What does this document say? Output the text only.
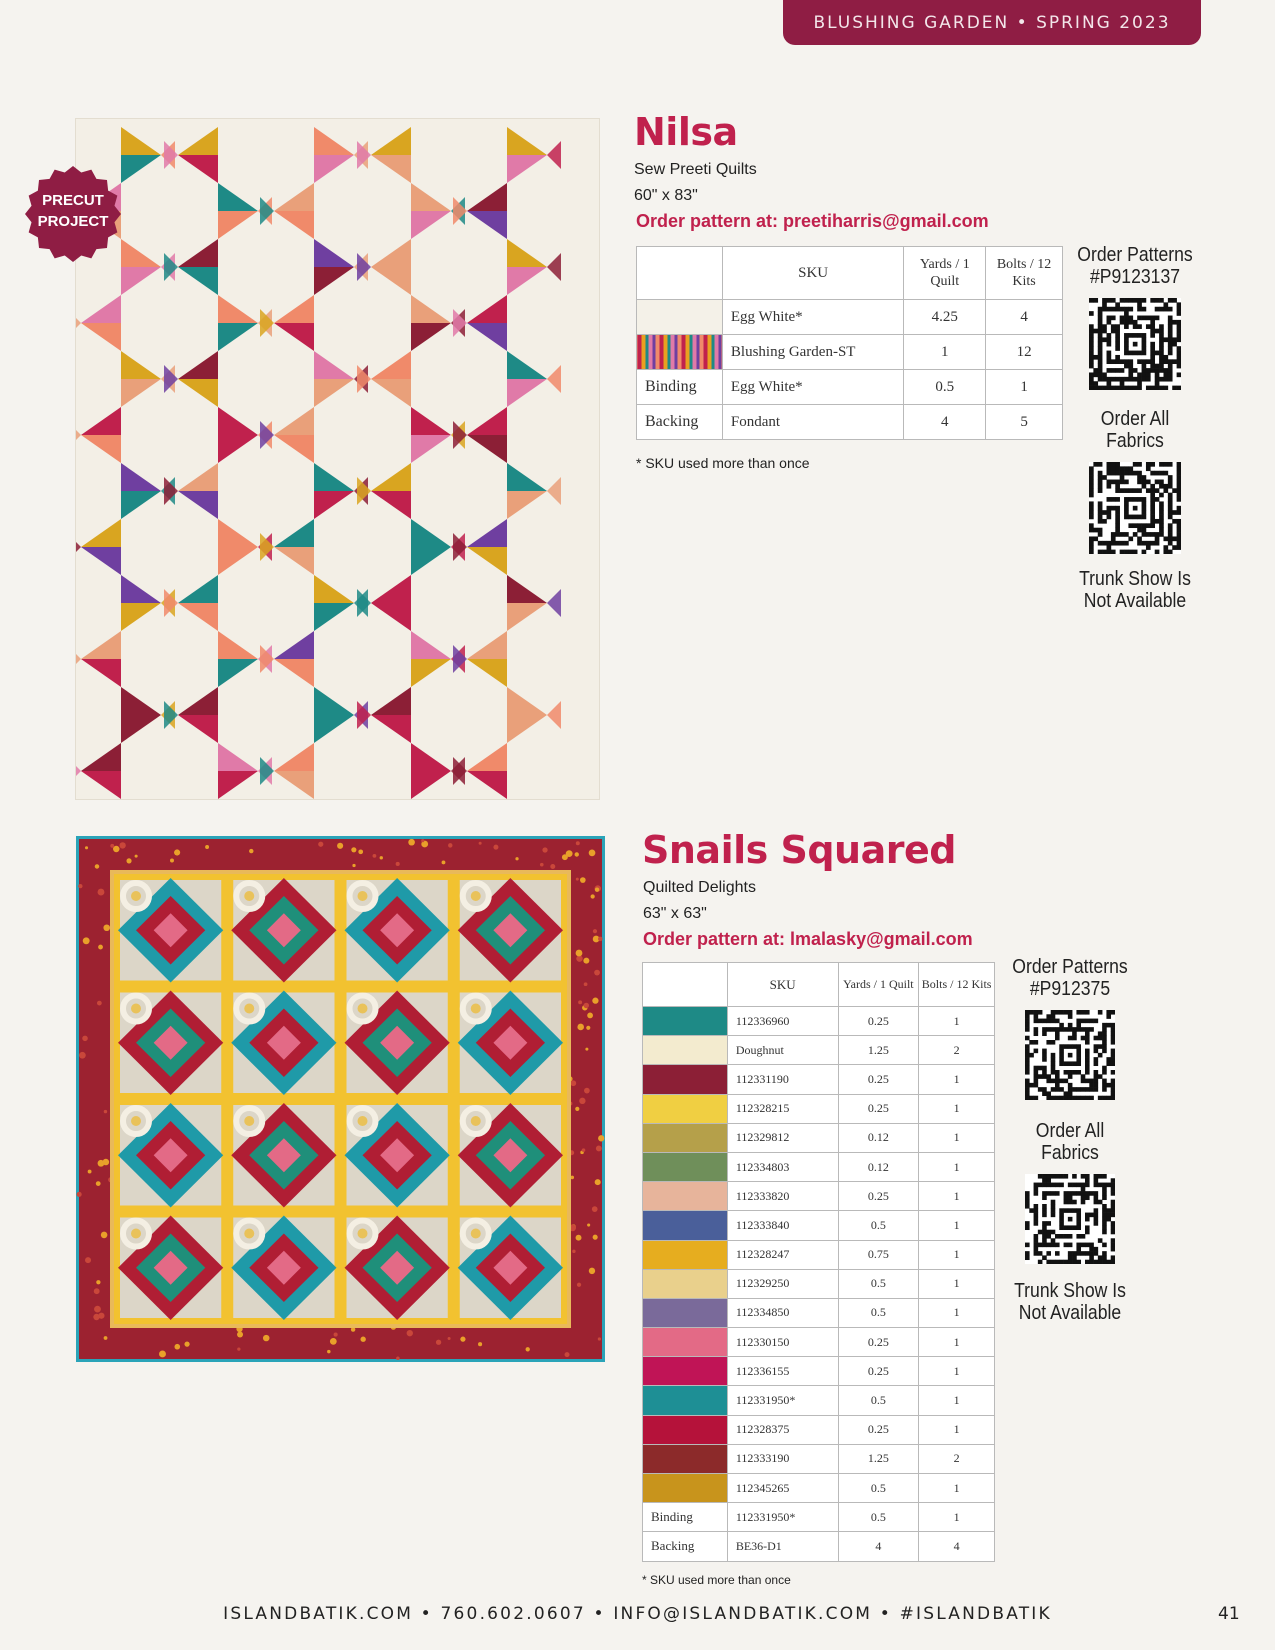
BLUSHING GARDEN • SPRING 2023
PRECUT
PROJECT
Nilsa
Sew Preeti Quilts
60" x 83"
Order pattern at: preetiharris@gmail.com
	SKU	Yards / 1 Quilt	Bolts / 12 Kits
	Egg White*	4.25	4
	Blushing Garden-ST	1	12
Binding	Egg White*	0.5	1
Backing	Fondant	4	5
* SKU used more than once
Order Patterns
#P9123137
Order All
Fabrics
Trunk Show Is
Not Available
Snails Squared
Quilted Delights
63" x 63"
Order pattern at: lmalasky@gmail.com
	SKU	Yards / 1 Quilt	Bolts / 12 Kits
	112336960	0.25	1
	Doughnut	1.25	2
	112331190	0.25	1
	112328215	0.25	1
	112329812	0.12	1
	112334803	0.12	1
	112333820	0.25	1
	112333840	0.5	1
	112328247	0.75	1
	112329250	0.5	1
	112334850	0.5	1
	112330150	0.25	1
	112336155	0.25	1
	112331950*	0.5	1
	112328375	0.25	1
	112333190	1.25	2
	112345265	0.5	1
Binding	112331950*	0.5	1
Backing	BE36-D1	4	4
* SKU used more than once
Order Patterns
#P912375
Order All
Fabrics
Trunk Show Is
Not Available
ISLANDBATIK.COM • 760.602.0607 • INFO@ISLANDBATIK.COM • #ISLANDBATIK	41
